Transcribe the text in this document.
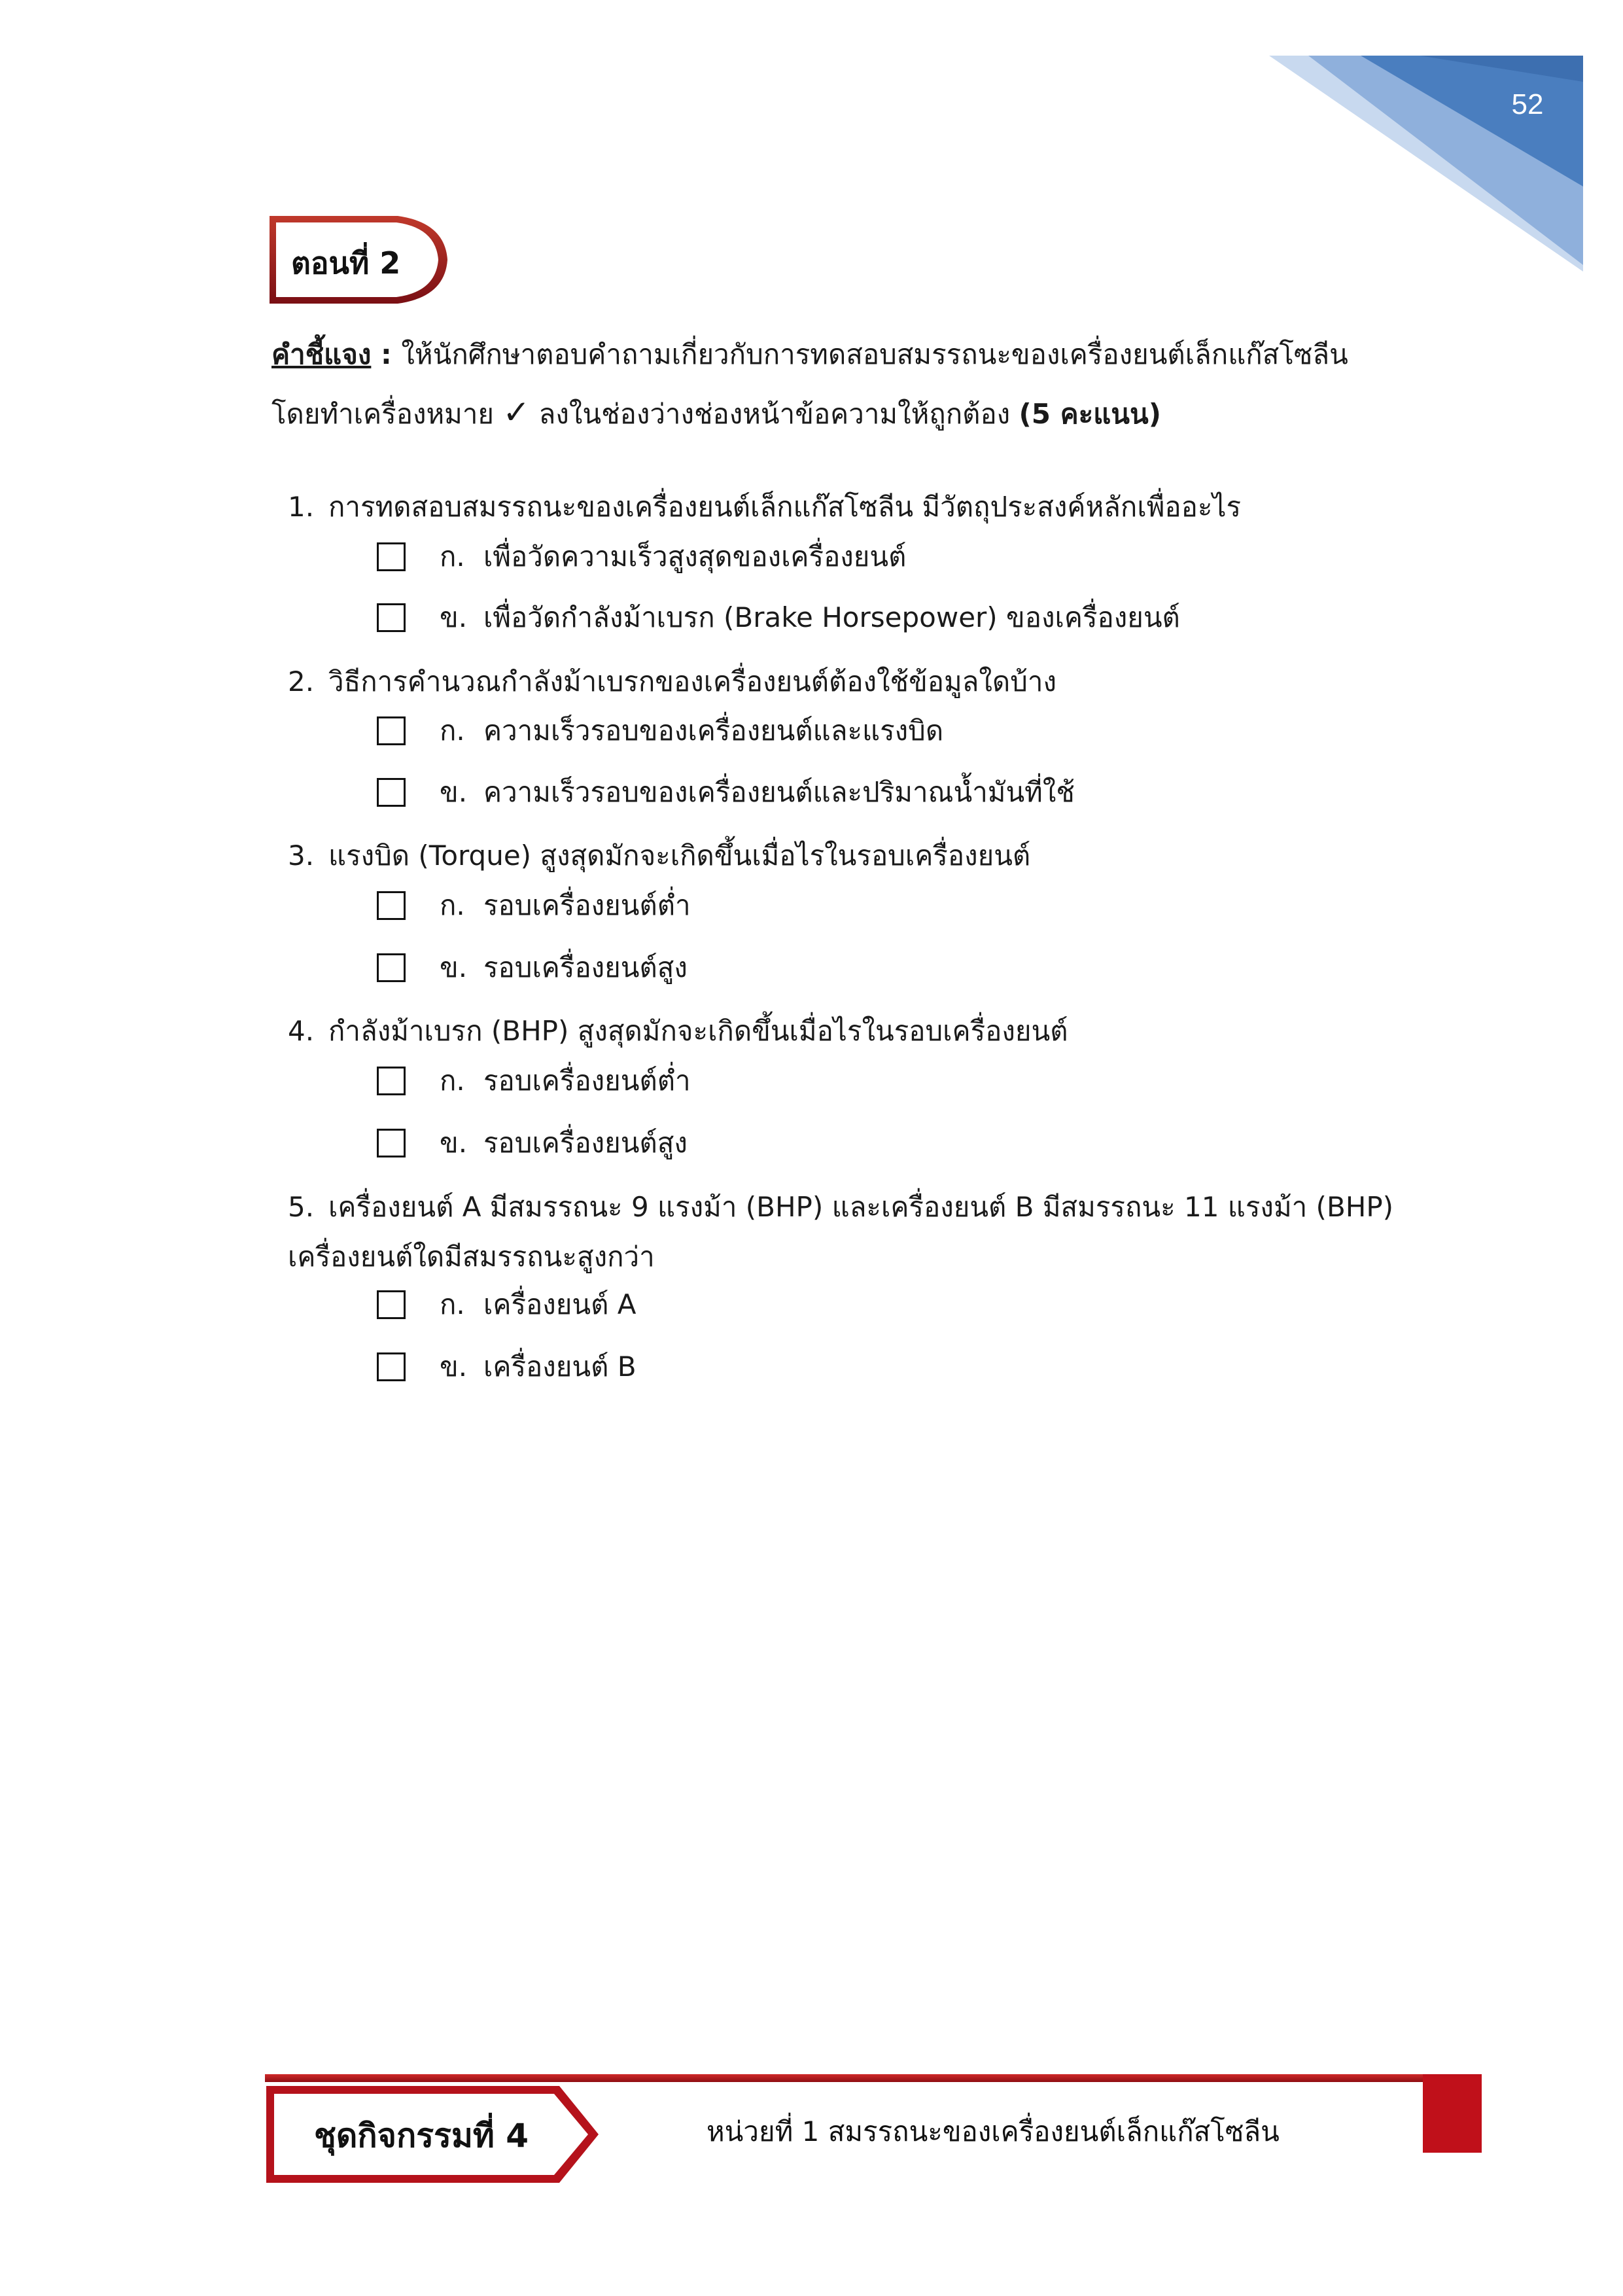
52
ตอนที่ 2
คำชี้แจง : ให้นักศึกษาตอบคำถามเกี่ยวกับการทดสอบสมรรถนะของเครื่องยนต์เล็กแก๊สโซลีน
โดยทำเครื่องหมาย ✓ ลงในช่องว่างช่องหน้าข้อความให้ถูกต้อง (5 คะแนน)
1. การทดสอบสมรรถนะของเครื่องยนต์เล็กแก๊สโซลีน มีวัตถุประสงค์หลักเพื่ออะไร
ก. เพื่อวัดความเร็วสูงสุดของเครื่องยนต์
ข. เพื่อวัดกำลังม้าเบรก (Brake Horsepower) ของเครื่องยนต์
2. วิธีการคำนวณกำลังม้าเบรกของเครื่องยนต์ต้องใช้ข้อมูลใดบ้าง
ก. ความเร็วรอบของเครื่องยนต์และแรงบิด
ข. ความเร็วรอบของเครื่องยนต์และปริมาณน้ำมันที่ใช้
3. แรงบิด (Torque) สูงสุดมักจะเกิดขึ้นเมื่อไรในรอบเครื่องยนต์
ก. รอบเครื่องยนต์ต่ำ
ข. รอบเครื่องยนต์สูง
4. กำลังม้าเบรก (BHP) สูงสุดมักจะเกิดขึ้นเมื่อไรในรอบเครื่องยนต์
ก. รอบเครื่องยนต์ต่ำ
ข. รอบเครื่องยนต์สูง
5. เครื่องยนต์ A มีสมรรถนะ 9 แรงม้า (BHP) และเครื่องยนต์ B มีสมรรถนะ 11 แรงม้า (BHP)
เครื่องยนต์ใดมีสมรรถนะสูงกว่า
ก. เครื่องยนต์ A
ข. เครื่องยนต์ B
ชุดกิจกรรมที่ 4	หน่วยที่ 1 สมรรถนะของเครื่องยนต์เล็กแก๊สโซลีน
